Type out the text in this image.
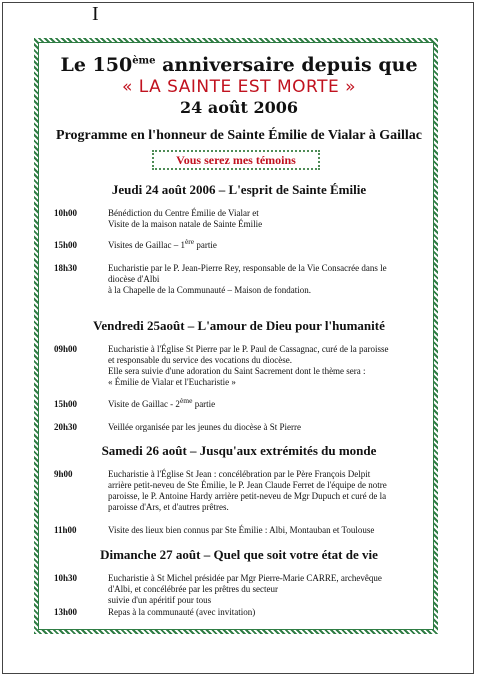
I
Le 150ème anniversaire depuis que
« LA SAINTE EST MORTE »
24 août 2006
Programme en l'honneur de Sainte Émilie de Vialar à Gaillac
Vous serez mes témoins
Jeudi 24 août 2006 – L'esprit de Sainte Émilie
10h00	Bénédiction du Centre Émilie de Vialar et
Visite de la maison natale de Sainte Émilie
15h00	Visites de Gaillac – 1ère partie
18h30	Eucharistie par le P. Jean-Pierre Rey, responsable de la Vie Consacrée dans le
diocèse d'Albi
à la Chapelle de la Communauté – Maison de fondation.
Vendredi 25août – L'amour de Dieu pour l'humanité
09h00	Eucharistie à l'Église St Pierre par le P. Paul de Cassagnac, curé de la paroisse
et responsable du service des vocations du diocèse.
Elle sera suivie d'une adoration du Saint Sacrement dont le thème sera :
« Émilie de Vialar et l'Eucharistie »
15h00	Visite de Gaillac - 2ème partie
20h30	Veillée organisée par les jeunes du diocèse à St Pierre
Samedi 26 août – Jusqu'aux extrémités du monde
9h00	Eucharistie à l'Église St Jean : concélébration par le Père François Delpit
arrière petit-neveu de Ste Émilie, le P. Jean Claude Ferret de l'équipe de notre
paroisse, le P. Antoine Hardy arrière petit-neveu de Mgr Dupuch et curé de la
paroisse d'Ars, et d'autres prêtres.
11h00	Visite des lieux bien connus par Ste Émilie : Albi, Montauban et Toulouse
Dimanche 27 août – Quel que soit votre état de vie
10h30	Eucharistie à St Michel présidée par Mgr Pierre-Marie CARRE, archevêque
d'Albi, et concélébrée par les prêtres du secteur
suivie d'un apéritif pour tous
13h00	Repas à la communauté (avec invitation)
